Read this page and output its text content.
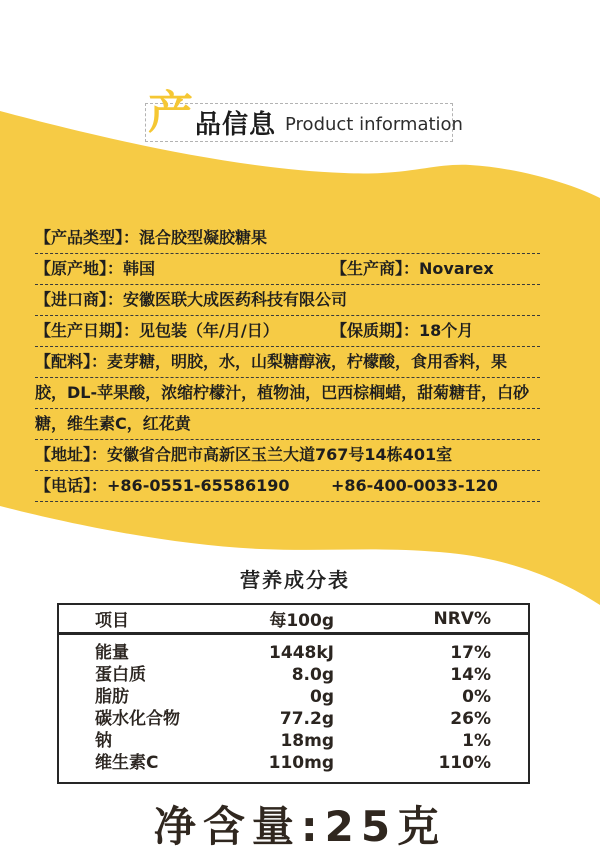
产 品信息 Product information
【产品类型】：混合胶型凝胶糖果
【原产地】：韩国	【生产商】：Novarex
【进口商】：安徽医联大成医药科技有限公司
【生产日期】：见包装（年/月/日）	【保质期】：18个月
【配料】：麦芽糖，明胶，水，山梨糖醇液，柠檬酸，食用香料，果
胶，DL-苹果酸，浓缩柠檬汁，植物油，巴西棕榈蜡，甜菊糖苷，白砂
糖，维生素C，红花黄
【地址】：安徽省合肥市高新区玉兰大道767号14栋401室
【电话】：+86-0551-65586190	+86-400-0033-120
营养成分表
项目	每100g	NRV%
能量	1448kJ	17%
蛋白质	8.0g	14%
脂肪	0g	0%
碳水化合物	77.2g	26%
钠	18mg	1%
维生素C	110mg	110%
净含量:25克
